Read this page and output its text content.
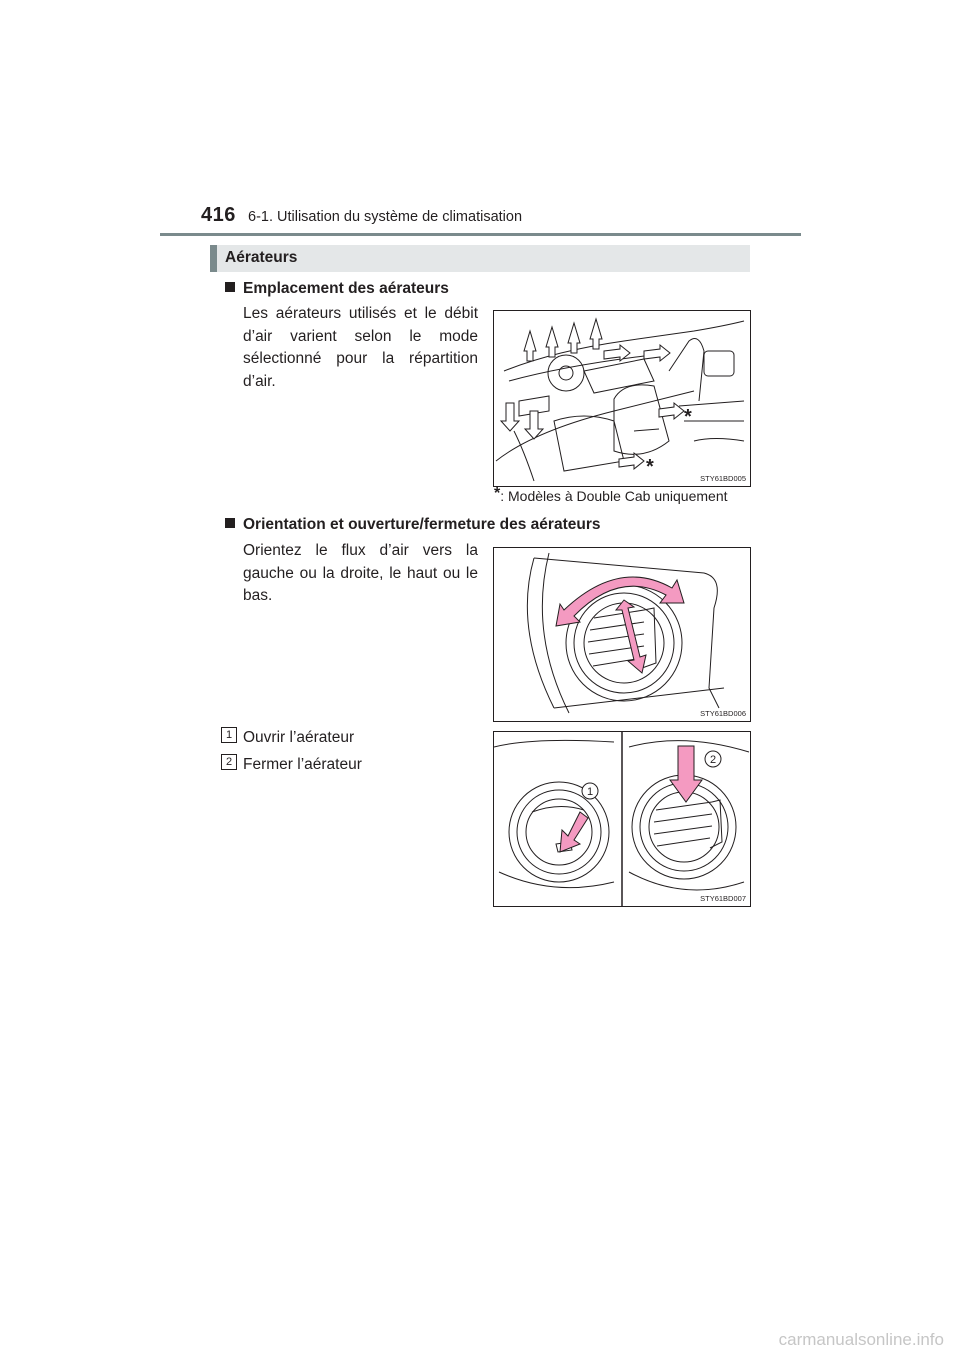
416 6-1. Utilisation du système de climatisation
Aérateurs
Emplacement des aérateurs
Les aérateurs utilisés et le débit d’air varient selon le mode sélectionné pour la répartition d’air.
*
*
STY61BD005
*: Modèles à Double Cab uniquement
Orientation et ouverture/fermeture des aérateurs
Orientez le flux d’air vers la gauche ou la droite, le haut ou le bas.
STY61BD006
1 Ouvrir l’aérateur
2 Fermer l’aérateur
1
2
STY61BD007
carmanualsonline.info
